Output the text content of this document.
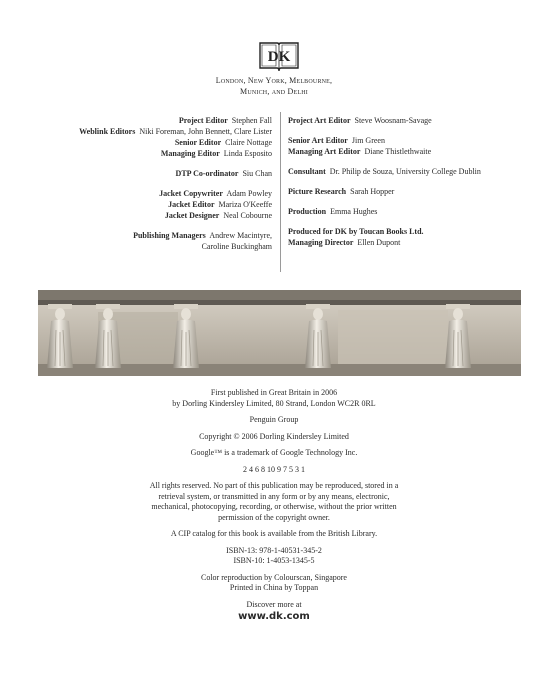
DK
London, New York, Melbourne,
Munich, and Delhi
Project Editor Stephen Fall
Weblink Editors Niki Foreman, John Bennett, Clare Lister
Senior Editor Claire Nottage
Managing Editor Linda Esposito
DTP Co-ordinator Siu Chan
Jacket Copywriter Adam Powley
Jacket Editor Mariza O'Keeffe
Jacket Designer Neal Cobourne
Publishing Managers Andrew Macintyre,
Caroline Buckingham
Project Art Editor Steve Woosnam-Savage
Senior Art Editor Jim Green
Managing Art Editor Diane Thistlethwaite
Consultant Dr. Philip de Souza, University College Dublin
Picture Research Sarah Hopper
Production Emma Hughes
Produced for DK by Toucan Books Ltd.
Managing Director Ellen Dupont

First published in Great Britain in 2006
by Dorling Kindersley Limited, 80 Strand, London WC2R 0RL

Penguin Group

Copyright © 2006 Dorling Kindersley Limited

Google™ is a trademark of Google Technology Inc.

2 4 6 8 10 9 7 5 3 1

All rights reserved. No part of this publication may be reproduced, stored in a
retrieval system, or transmitted in any form or by any means, electronic,
mechanical, photocopying, recording, or otherwise, without the prior written
permission of the copyright owner.

A CIP catalog for this book is available from the British Library.

ISBN-13: 978-1-40531-345-2
ISBN-10: 1-4053-1345-5

Color reproduction by Colourscan, Singapore
Printed in China by Toppan

Discover more at

www.dk.com
